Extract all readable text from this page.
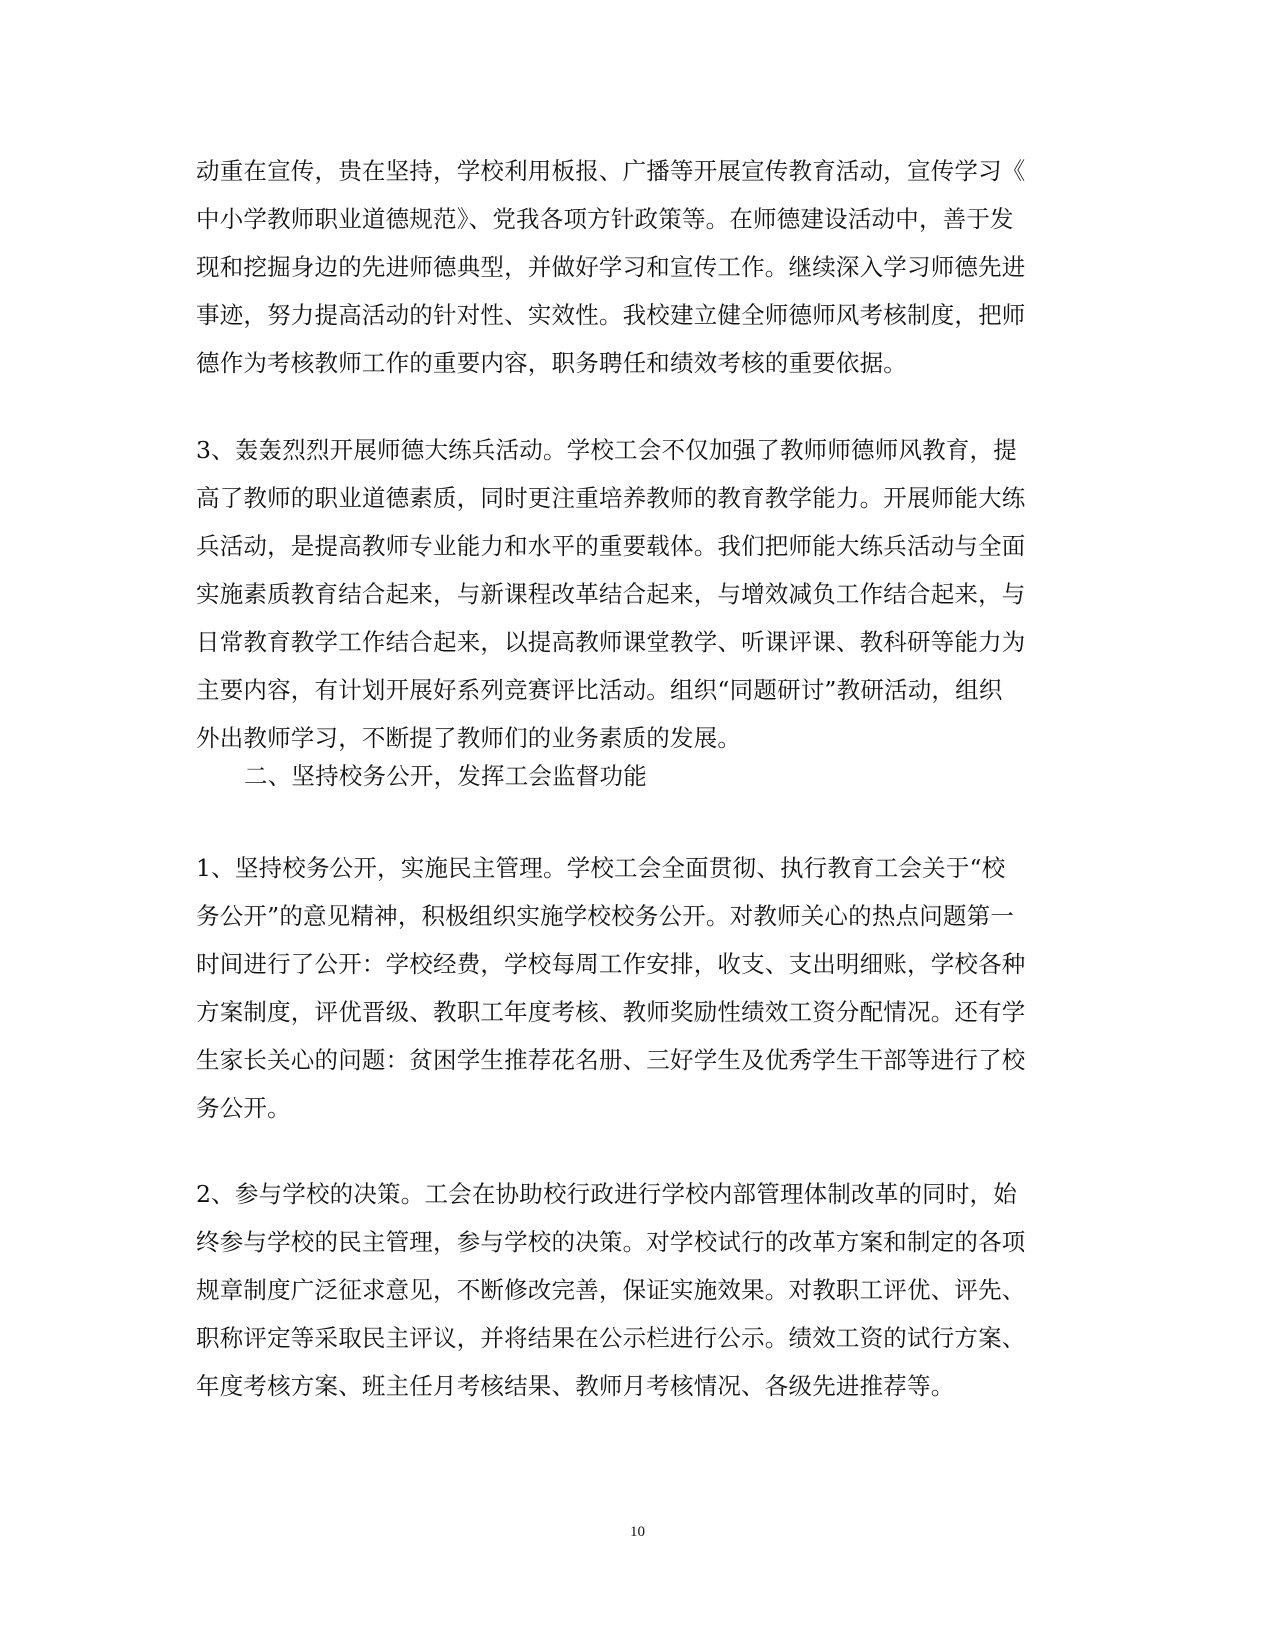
动重在宣传，贵在坚持，学校利用板报、广播等开展宣传教育活动，宣传学习《
中小学教师职业道德规范》、党我各项方针政策等。在师德建设活动中，善于发
现和挖掘身边的先进师德典型，并做好学习和宣传工作。继续深入学习师德先进
事迹，努力提高活动的针对性、实效性。我校建立健全师德师风考核制度，把师
德作为考核教师工作的重要内容，职务聘任和绩效考核的重要依据。
3、轰轰烈烈开展师德大练兵活动。学校工会不仅加强了教师师德师风教育，提
高了教师的职业道德素质，同时更注重培养教师的教育教学能力。开展师能大练
兵活动，是提高教师专业能力和水平的重要载体。我们把师能大练兵活动与全面
实施素质教育结合起来，与新课程改革结合起来，与增效减负工作结合起来，与
日常教育教学工作结合起来，以提高教师课堂教学、听课评课、教科研等能力为
主要内容，有计划开展好系列竞赛评比活动。组织“同题研讨”教研活动，组织
外出教师学习，不断提了教师们的业务素质的发展。
二、坚持校务公开，发挥工会监督功能
1、坚持校务公开，实施民主管理。学校工会全面贯彻、执行教育工会关于“校
务公开”的意见精神，积极组织实施学校校务公开。对教师关心的热点问题第一
时间进行了公开：学校经费，学校每周工作安排，收支、支出明细账，学校各种
方案制度，评优晋级、教职工年度考核、教师奖励性绩效工资分配情况。还有学
生家长关心的问题：贫困学生推荐花名册、三好学生及优秀学生干部等进行了校
务公开。
2、参与学校的决策。工会在协助校行政进行学校内部管理体制改革的同时，始
终参与学校的民主管理，参与学校的决策。对学校试行的改革方案和制定的各项
规章制度广泛征求意见，不断修改完善，保证实施效果。对教职工评优、评先、
职称评定等采取民主评议，并将结果在公示栏进行公示。绩效工资的试行方案、
年度考核方案、班主任月考核结果、教师月考核情况、各级先进推荐等。
10
